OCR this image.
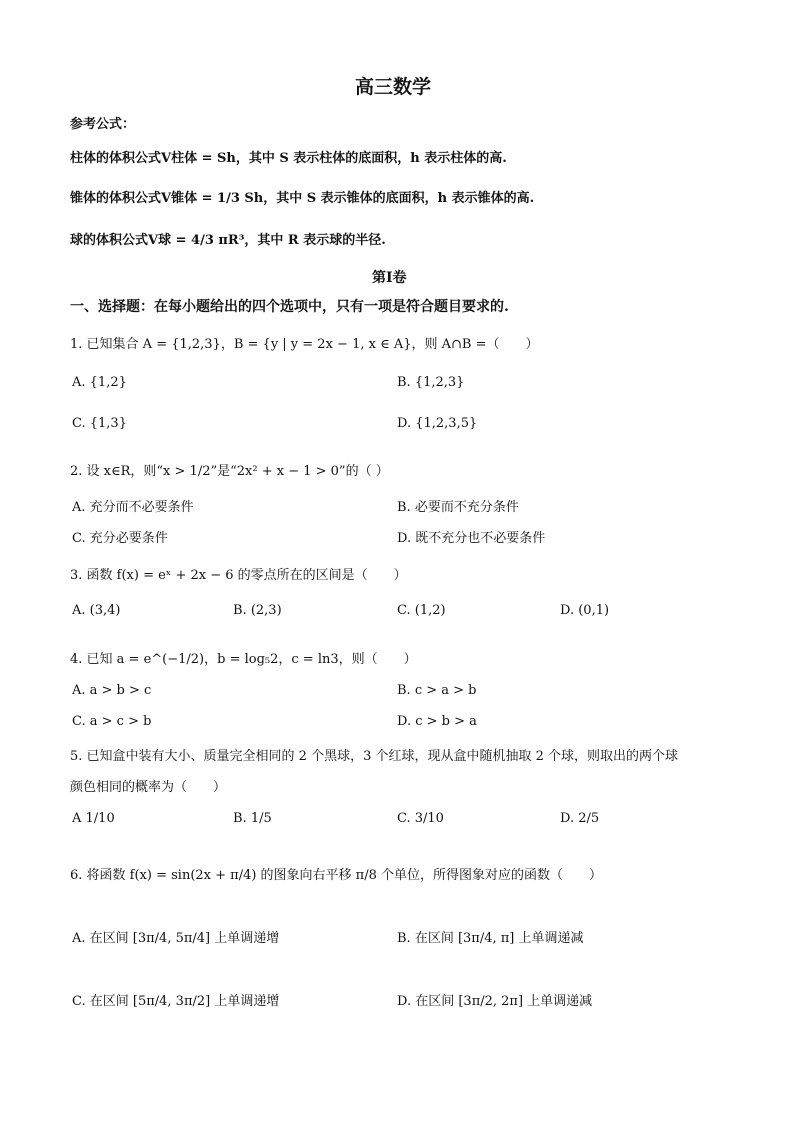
高三数学
参考公式：
柱体的体积公式V柱体 = Sh，其中 S 表示柱体的底面积，h 表示柱体的高.
锥体的体积公式V锥体 = 1/3 Sh，其中 S 表示锥体的底面积，h 表示锥体的高.
球的体积公式V球 = 4/3 πR³，其中 R 表示球的半径.
第Ⅰ卷
一、选择题：在每小题给出的四个选项中，只有一项是符合题目要求的.
1. 已知集合 A = {1,2,3}，B = {y | y = 2x − 1, x ∈ A}，则 A∩B =（　　）
A. {1,2}	B. {1,2,3}
C. {1,3}	D. {1,2,3,5}
2. 设 x∈R，则“x > 1/2”是“2x² + x − 1 > 0”的（ ）
A. 充分而不必要条件	B. 必要而不充分条件
C. 充分必要条件	D. 既不充分也不必要条件
3. 函数 f(x) = eˣ + 2x − 6 的零点所在的区间是（　　）
A. (3,4)	B. (2,3)	C. (1,2)	D. (0,1)
4. 已知 a = e^(−1/2)，b = log₅2，c = ln3，则（　　）
A. a > b > c	B. c > a > b
C. a > c > b	D. c > b > a
5. 已知盒中装有大小、质量完全相同的 2 个黑球，3 个红球，现从盒中随机抽取 2 个球，则取出的两个球
颜色相同的概率为（　　）
A 1/10	B. 1/5	C. 3/10	D. 2/5
6. 将函数 f(x) = sin(2x + π/4) 的图象向右平移 π/8 个单位，所得图象对应的函数（　　）
A. 在区间 [3π/4, 5π/4] 上单调递增	B. 在区间 [3π/4, π] 上单调递减
C. 在区间 [5π/4, 3π/2] 上单调递增	D. 在区间 [3π/2, 2π] 上单调递减
